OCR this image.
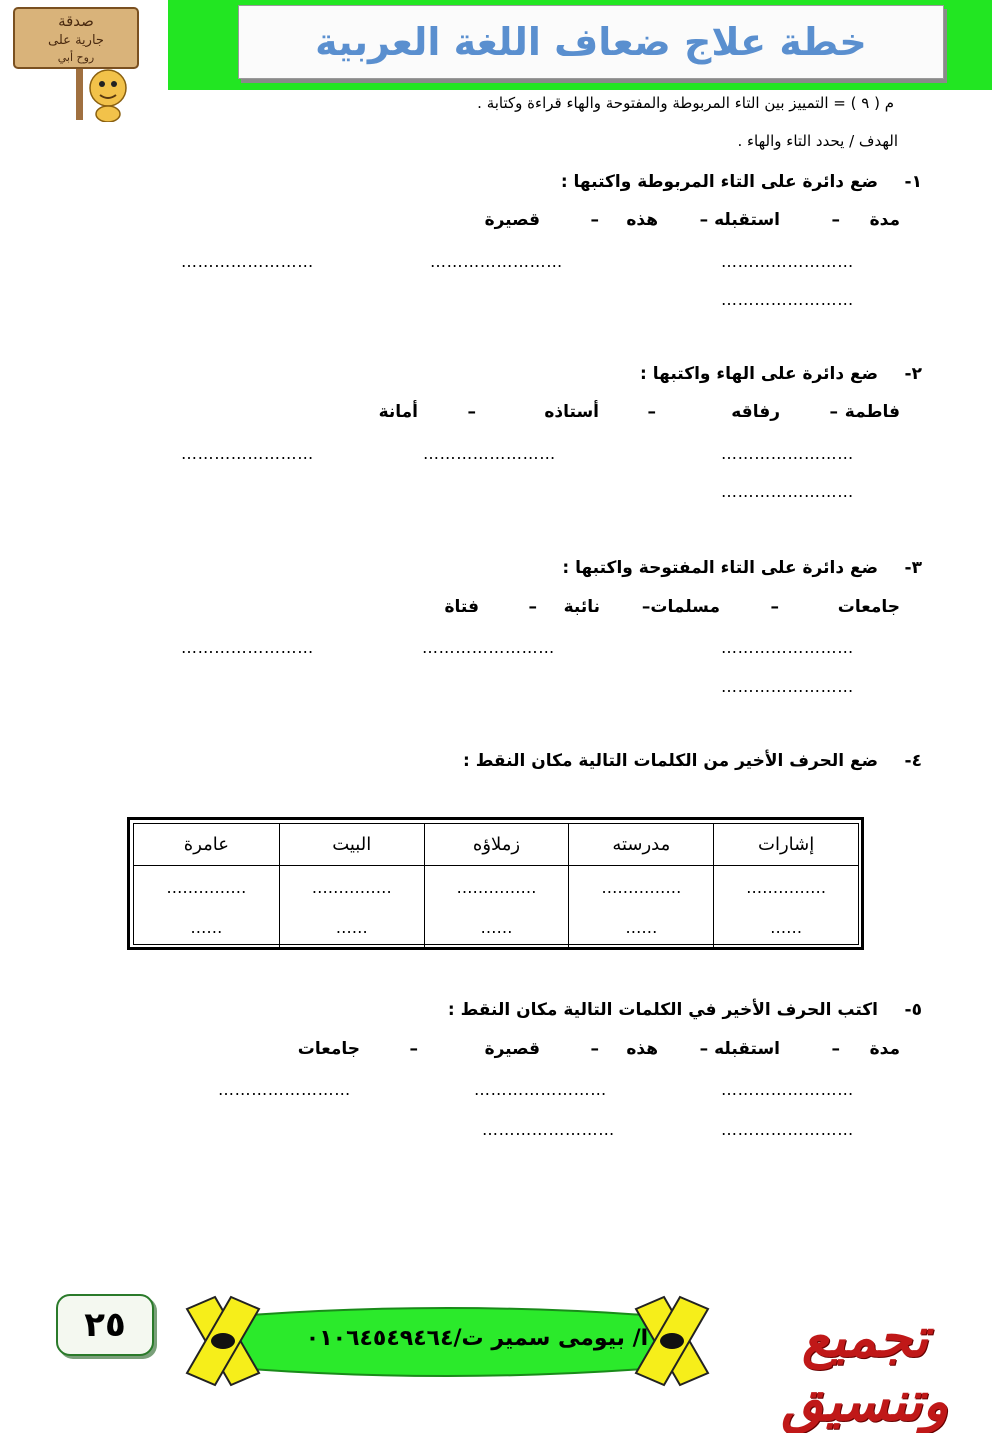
خطة علاج ضعاف اللغة العربية
صدقة
جارية على
روح أبي
م ( ٩ ) = التمييز بين التاء المربوطة والمفتوحة والهاء قراءة وكتابة .
الهدف / يحدد التاء والهاء .
١-
ضع دائرة على التاء المربوطة واكتبها :
مدة
–
استقبله –
هذه
–
قصيرة
……………………
……………………
……………………
……………………
٢-
ضع دائرة على الهاء واكتبها :
فاطمة
–
رفاقه
–
أستاذه
–
أمانة
……………………
……………………
……………………
……………………
٣-
ضع دائرة على التاء المفتوحة واكتبها :
جامعات
–
مسلمات–
نائبة
–
فتاة
……………………
……………………
……………………
……………………
٤-
ضع الحرف الأخير من الكلمات التالية مكان النقط :
إشارات
مدرسته
زملاؤه
البيت
عامرة
……………
……
……………
……
……………
……
……………
……
……………
……
٥-
اكتب الحرف الأخير في الكلمات التالية مكان النقط :
مدة
–
استقبله –
هذه
–
قصيرة
–
جامعات
……………………
……………………
……………………
……………………
……………………
٢٥	ا/ بيومى سمير ت/٠١٠٦٤٥٤٩٤٦٤	تجميع وتنسيق
